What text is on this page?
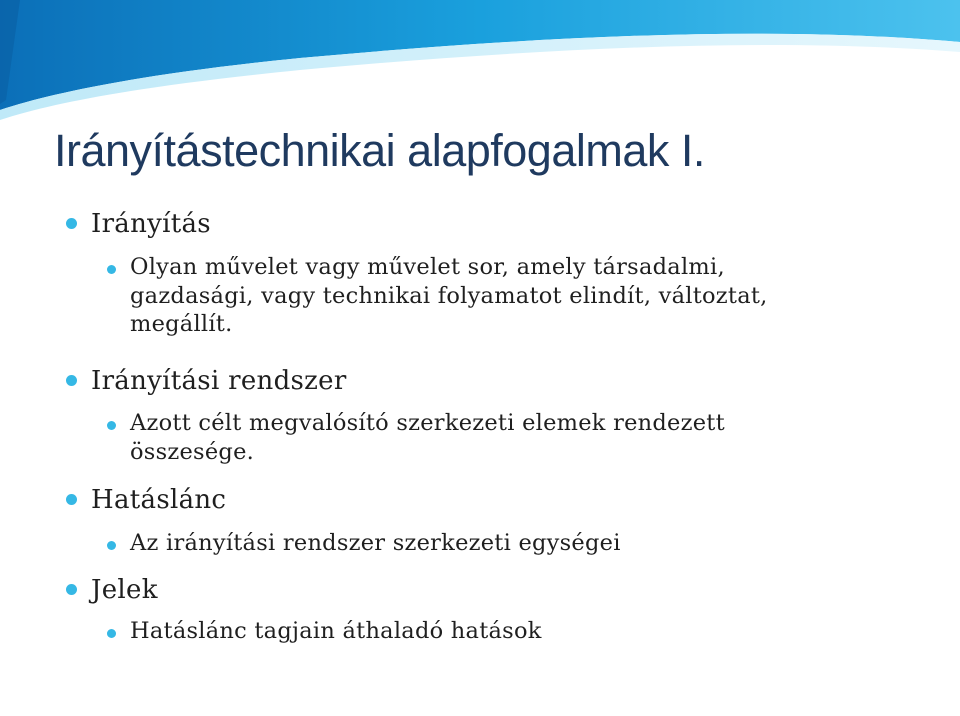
Irányítástechnikai alapfogalmak I.
Irányítás
Olyan művelet vagy művelet sor, amely társadalmi, gazdasági, vagy technikai folyamatot elindít, változtat, megállít.
Irányítási rendszer
Azott célt megvalósító szerkezeti elemek rendezett összesége.
Hatáslánc
Az irányítási rendszer szerkezeti egységei
Jelek
Hatáslánc tagjain áthaladó hatások
